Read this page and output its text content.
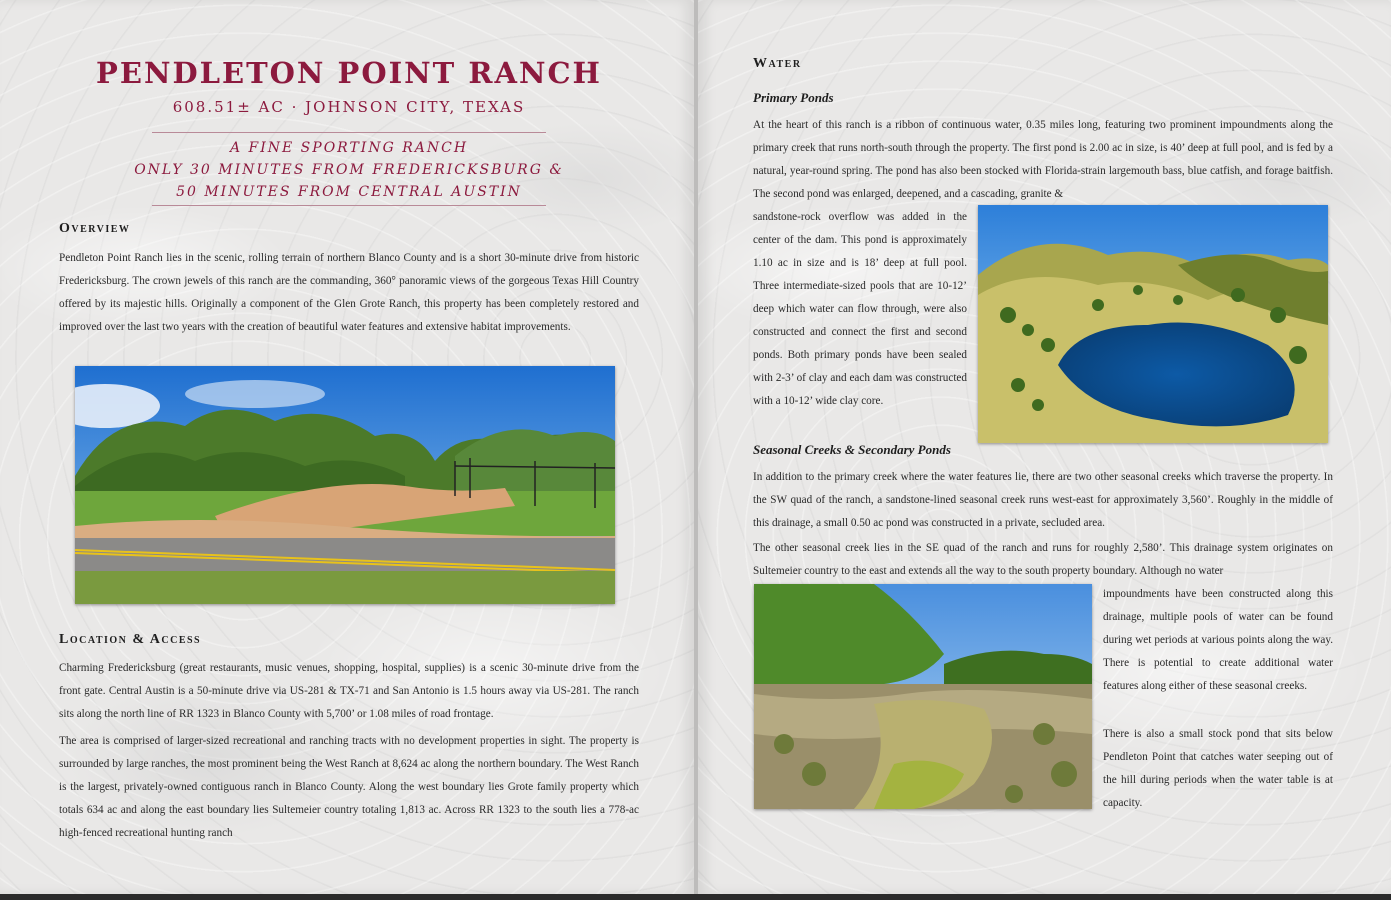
PENDLETON POINT RANCH
608.51± AC · JOHNSON CITY, TEXAS
A FINE SPORTING RANCH
ONLY 30 MINUTES FROM FREDERICKSBURG &
50 MINUTES FROM CENTRAL AUSTIN
Overview
Pendleton Point Ranch lies in the scenic, rolling terrain of northern Blanco County and is a short 30-minute drive from historic Fredericksburg. The crown jewels of this ranch are the commanding, 360° panoramic views of the gorgeous Texas Hill Country offered by its majestic hills. Originally a component of the Glen Grote Ranch, this property has been completely restored and improved over the last two years with the creation of beautiful water features and extensive habitat improvements.
Location & Access
Charming Fredericksburg (great restaurants, music venues, shopping, hospital, supplies) is a scenic 30-minute drive from the front gate. Central Austin is a 50-minute drive via US-281 & TX-71 and San Antonio is 1.5 hours away via US-281. The ranch sits along the north line of RR 1323 in Blanco County with 5,700’ or 1.08 miles of road frontage.
The area is comprised of larger-sized recreational and ranching tracts with no development properties in sight. The property is surrounded by large ranches, the most prominent being the West Ranch at 8,624 ac along the northern boundary. The West Ranch is the largest, privately-owned contiguous ranch in Blanco County. Along the west boundary lies Grote family property which totals 634 ac and along the east boundary lies Sultemeier country totaling 1,813 ac. Across RR 1323 to the south lies a 778-ac high-fenced recreational hunting ranch
Water
Primary Ponds
At the heart of this ranch is a ribbon of continuous water, 0.35 miles long, featuring two prominent impoundments along the primary creek that runs north-south through the property. The first pond is 2.00 ac in size, is 40’ deep at full pool, and is fed by a natural, year-round spring. The pond has also been stocked with Florida-strain largemouth bass, blue catfish, and forage baitfish. The second pond was enlarged, deepened, and a cascading, granite &
sandstone-rock overflow was added in the center of the dam. This pond is approximately 1.10 ac in size and is 18’ deep at full pool. Three intermediate-sized pools that are 10-12’ deep which water can flow through, were also constructed and connect the first and second ponds. Both primary ponds have been sealed with 2-3’ of clay and each dam was constructed with a 10-12’ wide clay core.
Seasonal Creeks & Secondary Ponds
In addition to the primary creek where the water features lie, there are two other seasonal creeks which traverse the property. In the SW quad of the ranch, a sandstone-lined seasonal creek runs west-east for approximately 3,560’. Roughly in the middle of this drainage, a small 0.50 ac pond was constructed in a private, secluded area.
The other seasonal creek lies in the SE quad of the ranch and runs for roughly 2,580’. This drainage system originates on Sultemeier country to the east and extends all the way to the south property boundary. Although no water
impoundments have been constructed along this drainage, multiple pools of water can be found during wet periods at various points along the way. There is potential to create additional water features along either of these seasonal creeks.
There is also a small stock pond that sits below Pendleton Point that catches water seeping out of the hill during periods when the water table is at capacity.
